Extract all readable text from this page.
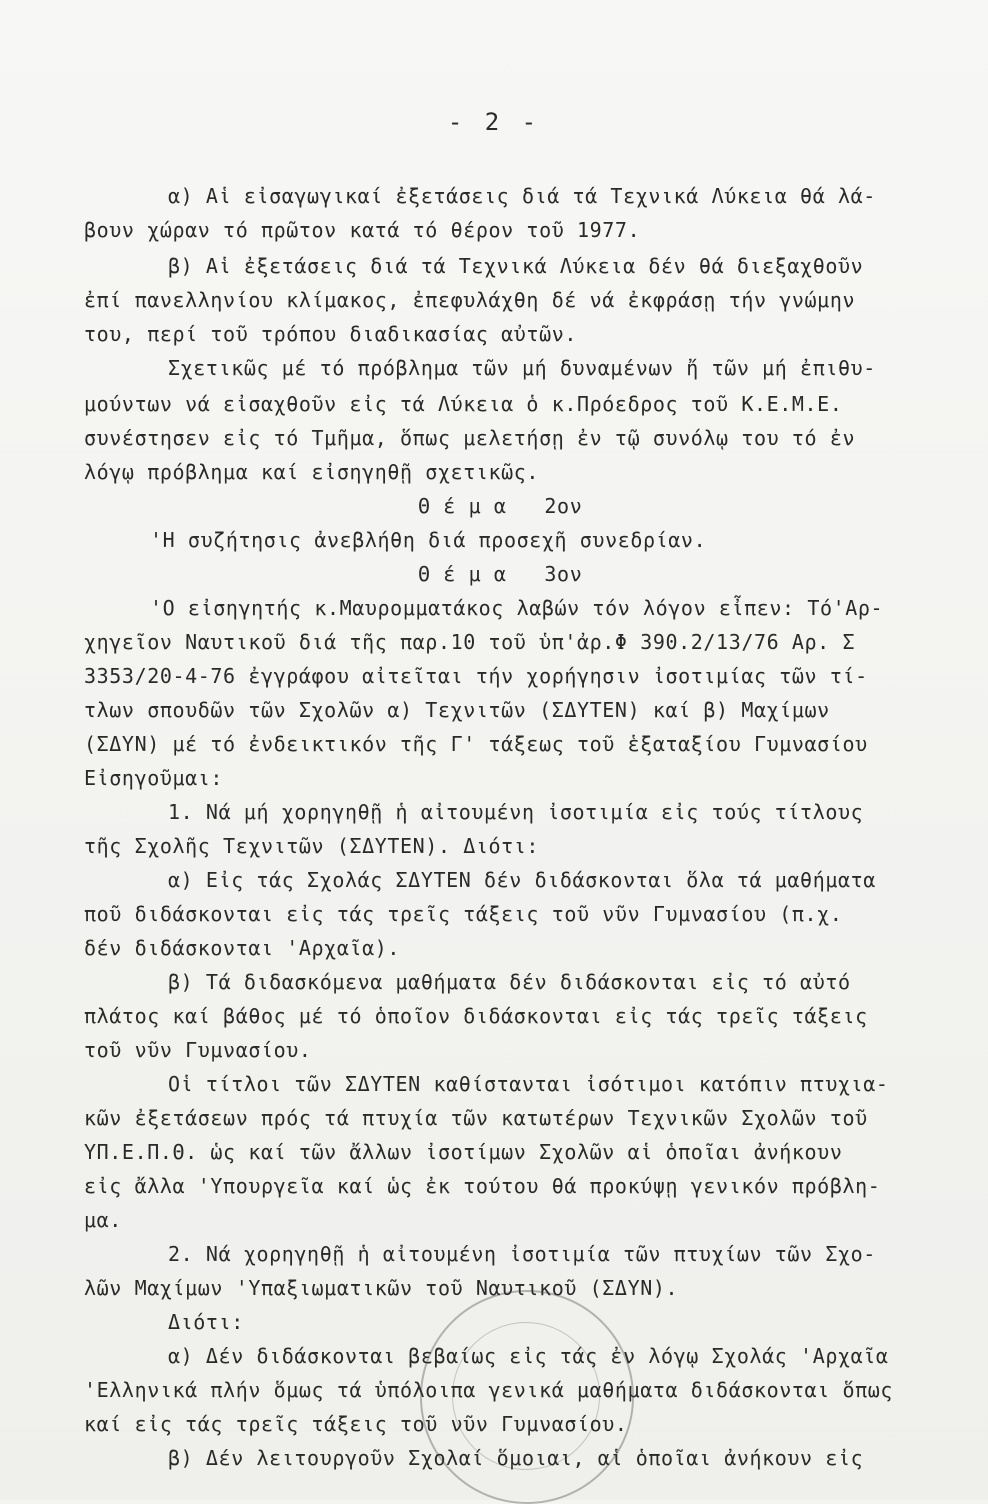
- 2 -
α) Αἱ εἰσαγωγικαί ἐξετάσεις διά τά Τεχνικά Λύκεια θά λά-
βουν χώραν τό πρῶτον κατά τό θέρον τοῦ 1977.
β) Αἱ ἐξετάσεις διά τά Τεχνικά Λύκεια δέν θά διεξαχθοῦν
ἐπί πανελληνίου κλίμακος, ἐπεφυλάχθη δέ νά ἐκφράσῃ τήν γνώμην
του, περί τοῦ τρόπου διαδικασίας αὐτῶν.
Σχετικῶς μέ τό πρόβλημα τῶν μή δυναμένων ἤ τῶν μή ἐπιθυ-
μούντων νά εἰσαχθοῦν εἰς τά Λύκεια ὁ κ.Πρόεδρος τοῦ Κ.Ε.Μ.Ε.
συνέστησεν εἰς τό Τμῆμα, ὅπως μελετήσῃ ἐν τῷ συνόλῳ του τό ἐν
λόγῳ πρόβλημα καί εἰσηγηθῇ σχετικῶς.
Θ έ μ α   2ον
'Η συζήτησις ἀνεβλήθη διά προσεχῆ συνεδρίαν.
Θ έ μ α   3ον
'Ο εἰσηγητής κ.Μαυρομματάκος λαβών τόν λόγον εἶπεν: Τό'Αρ-
χηγεῖον Ναυτικοῦ διά τῆς παρ.10 τοῦ ὑπ'ἀρ.Φ 390.2/13/76 Αρ. Σ
3353/20-4-76 ἐγγράφου αἰτεῖται τήν χορήγησιν ἰσοτιμίας τῶν τί-
τλων σπουδῶν τῶν Σχολῶν α) Τεχνιτῶν (ΣΔΥΤΕΝ) καί β) Μαχίμων
(ΣΔΥΝ) μέ τό ἐνδεικτικόν τῆς Γ' τάξεως τοῦ ἑξαταξίου Γυμνασίου
Εἰσηγοῦμαι:
1. Νά μή χορηγηθῇ ἡ αἰτουμένη ἰσοτιμία εἰς τούς τίτλους
τῆς Σχολῆς Τεχνιτῶν (ΣΔΥΤΕΝ). Διότι:
α) Εἰς τάς Σχολάς ΣΔΥΤΕΝ δέν διδάσκονται ὅλα τά μαθήματα
ποῦ διδάσκονται εἰς τάς τρεῖς τάξεις τοῦ νῦν Γυμνασίου (π.χ.
δέν διδάσκονται 'Αρχαῖα).
β) Τά διδασκόμενα μαθήματα δέν διδάσκονται εἰς τό αὐτό
πλάτος καί βάθος μέ τό ὁποῖον διδάσκονται εἰς τάς τρεῖς τάξεις
τοῦ νῦν Γυμνασίου.
Οἱ τίτλοι τῶν ΣΔΥΤΕΝ καθίστανται ἰσότιμοι κατόπιν πτυχια-
κῶν ἐξετάσεων πρός τά πτυχία τῶν κατωτέρων Τεχνικῶν Σχολῶν τοῦ
ΥΠ.Ε.Π.Θ. ὡς καί τῶν ἄλλων ἰσοτίμων Σχολῶν αἱ ὁποῖαι ἀνήκουν
εἰς ἄλλα 'Υπουργεῖα καί ὡς ἐκ τούτου θά προκύψῃ γενικόν πρόβλη-
μα.
2. Νά χορηγηθῇ ἡ αἰτουμένη ἰσοτιμία τῶν πτυχίων τῶν Σχο-
λῶν Μαχίμων 'Υπαξιωματικῶν τοῦ Ναυτικοῦ (ΣΔΥΝ).
Διότι:
α) Δέν διδάσκονται βεβαίως εἰς τάς ἐν λόγῳ Σχολάς 'Αρχαῖα
'Ελληνικά πλήν ὅμως τά ὑπόλοιπα γενικά μαθήματα διδάσκονται ὅπως
καί εἰς τάς τρεῖς τάξεις τοῦ νῦν Γυμνασίου.
β) Δέν λειτουργοῦν Σχολαί ὅμοιαι, αἱ ὁποῖαι ἀνήκουν εἰς
